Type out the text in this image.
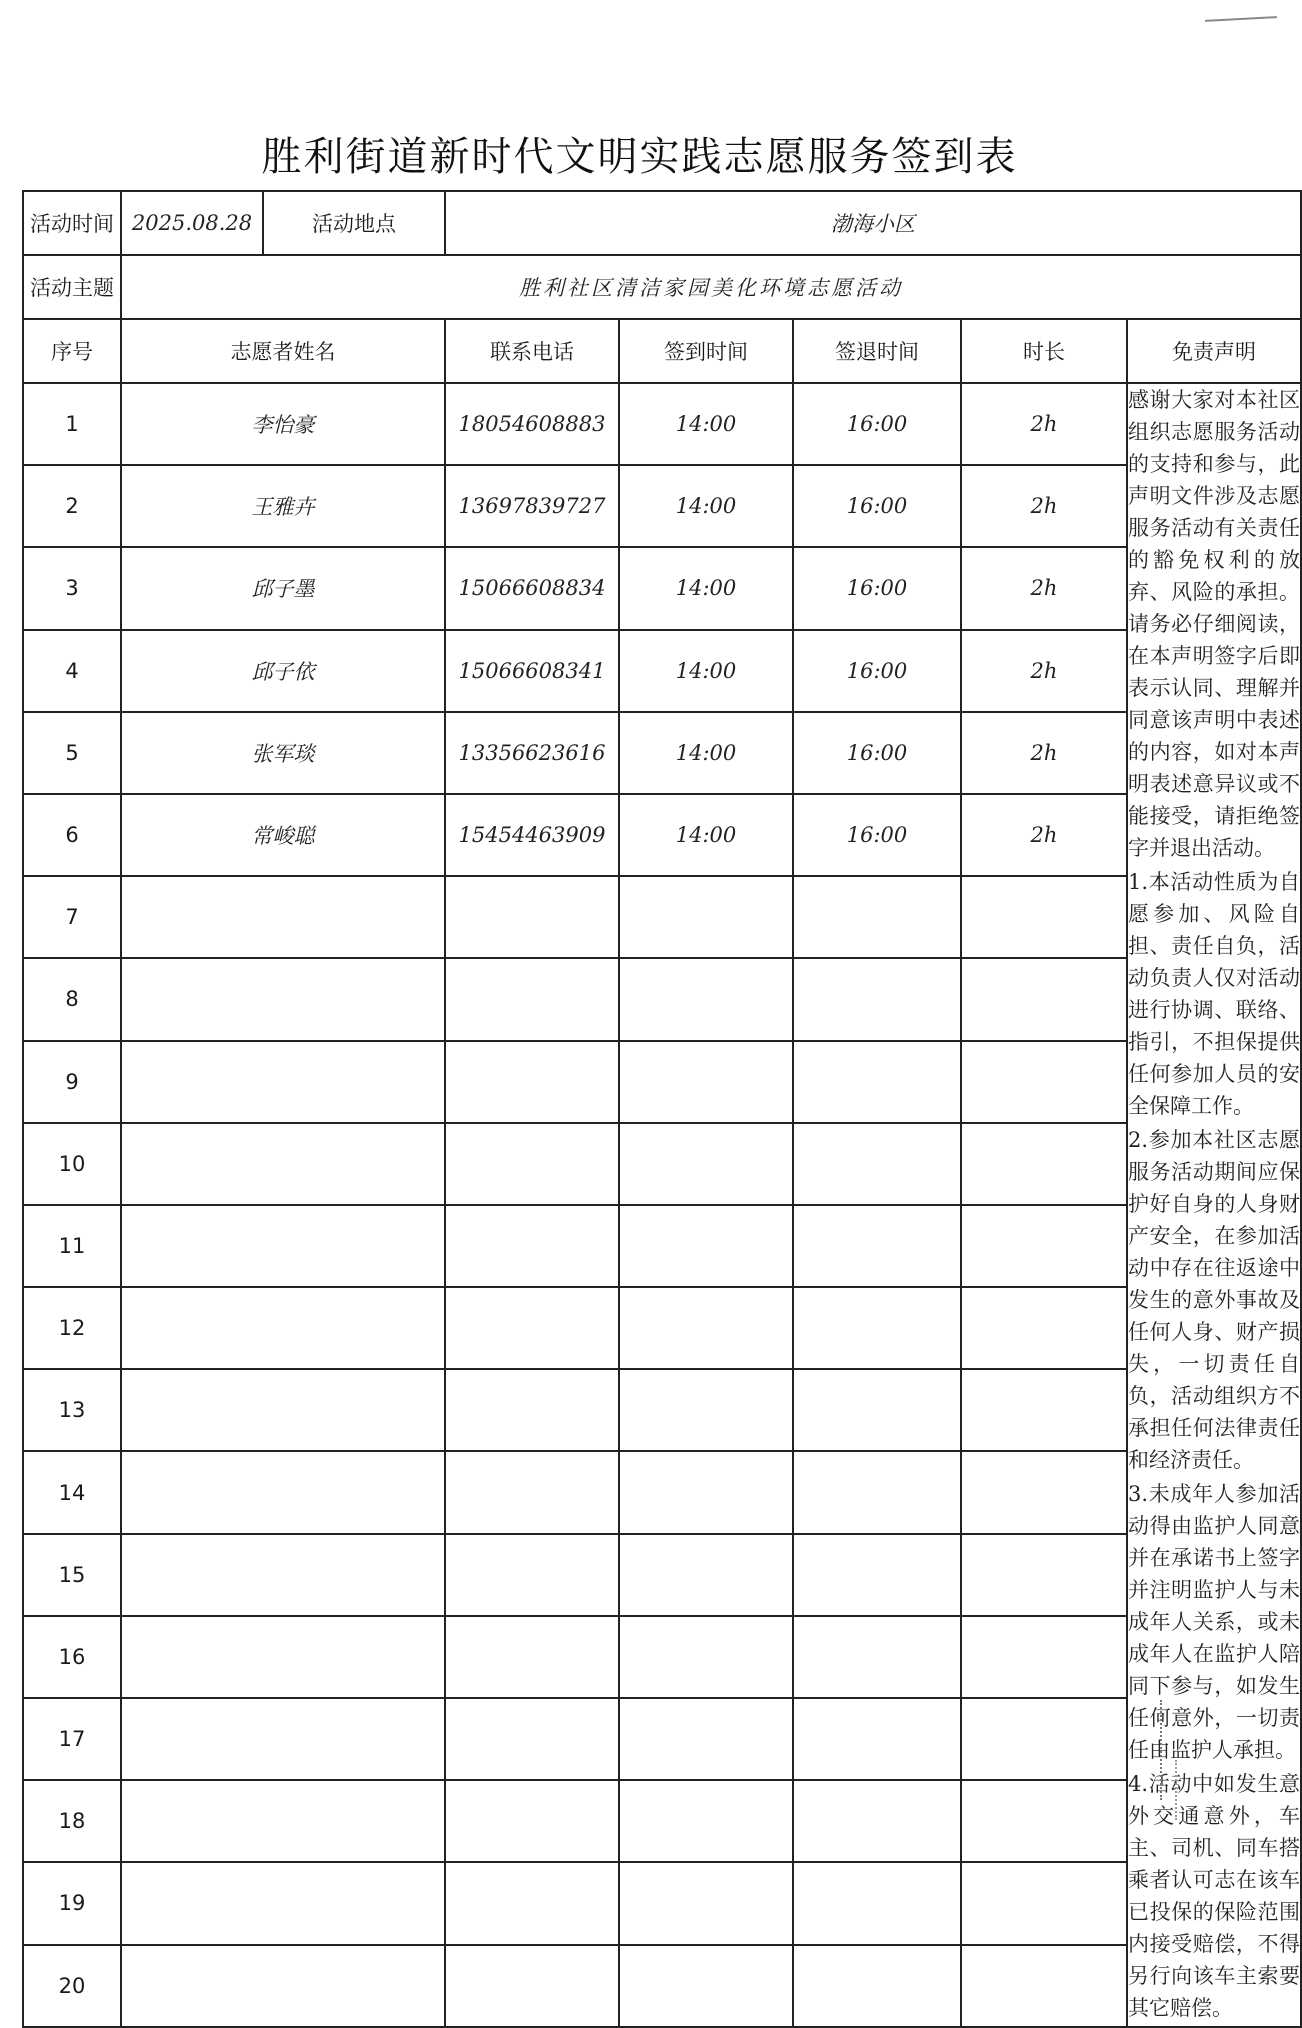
胜利街道新时代文明实践志愿服务签到表
活动时间	2025.08.28	活动地点	渤海小区				
活动主题	胜利社区清洁家园美化环境志愿活动						
序号	志愿者姓名		联系电话	签到时间	签退时间	时长	免责声明
1	李怡豪		18054608883	14:00	16:00	2h	感谢大家对本社区组织志愿服务活动的支持和参与，此声明文件涉及志愿服务活动有关责任的豁免权利的放弃、风险的承担。请务必仔细阅读，在本声明签字后即表示认同、理解并同意该声明中表述的内容，如对本声明表述意异议或不能接受，请拒绝签字并退出活动。

1.本活动性质为自愿参加、风险自担、责任自负，活动负责人仅对活动进行协调、联络、指引，不担保提供任何参加人员的安全保障工作。

2.参加本社区志愿服务活动期间应保护好自身的人身财产安全，在参加活动中存在往返途中发生的意外事故及任何人身、财产损失，一切责任自负，活动组织方不承担任何法律责任和经济责任。

3.未成年人参加活动得由监护人同意并在承诺书上签字并注明监护人与未成年人关系，或未成年人在监护人陪同下参与，如发生任何意外，一切责任由监护人承担。

4.活动中如发生意外交通意外，车主、司机、同车搭乘者认可志在该车已投保的保险范围内接受赔偿，不得另行向该车主索要其它赔偿。

2	王雅卉		13697839727	14:00	16:00	2h	
3	邱子墨		15066608834	14:00	16:00	2h	
4	邱子依		15066608341	14:00	16:00	2h	
5	张军琰		13356623616	14:00	16:00	2h	
6	常峻聪		15454463909	14:00	16:00	2h	
7							
8							
9							
10							
11							
12							
13							
14							
15							
16							
17							
18							
19							
20							
